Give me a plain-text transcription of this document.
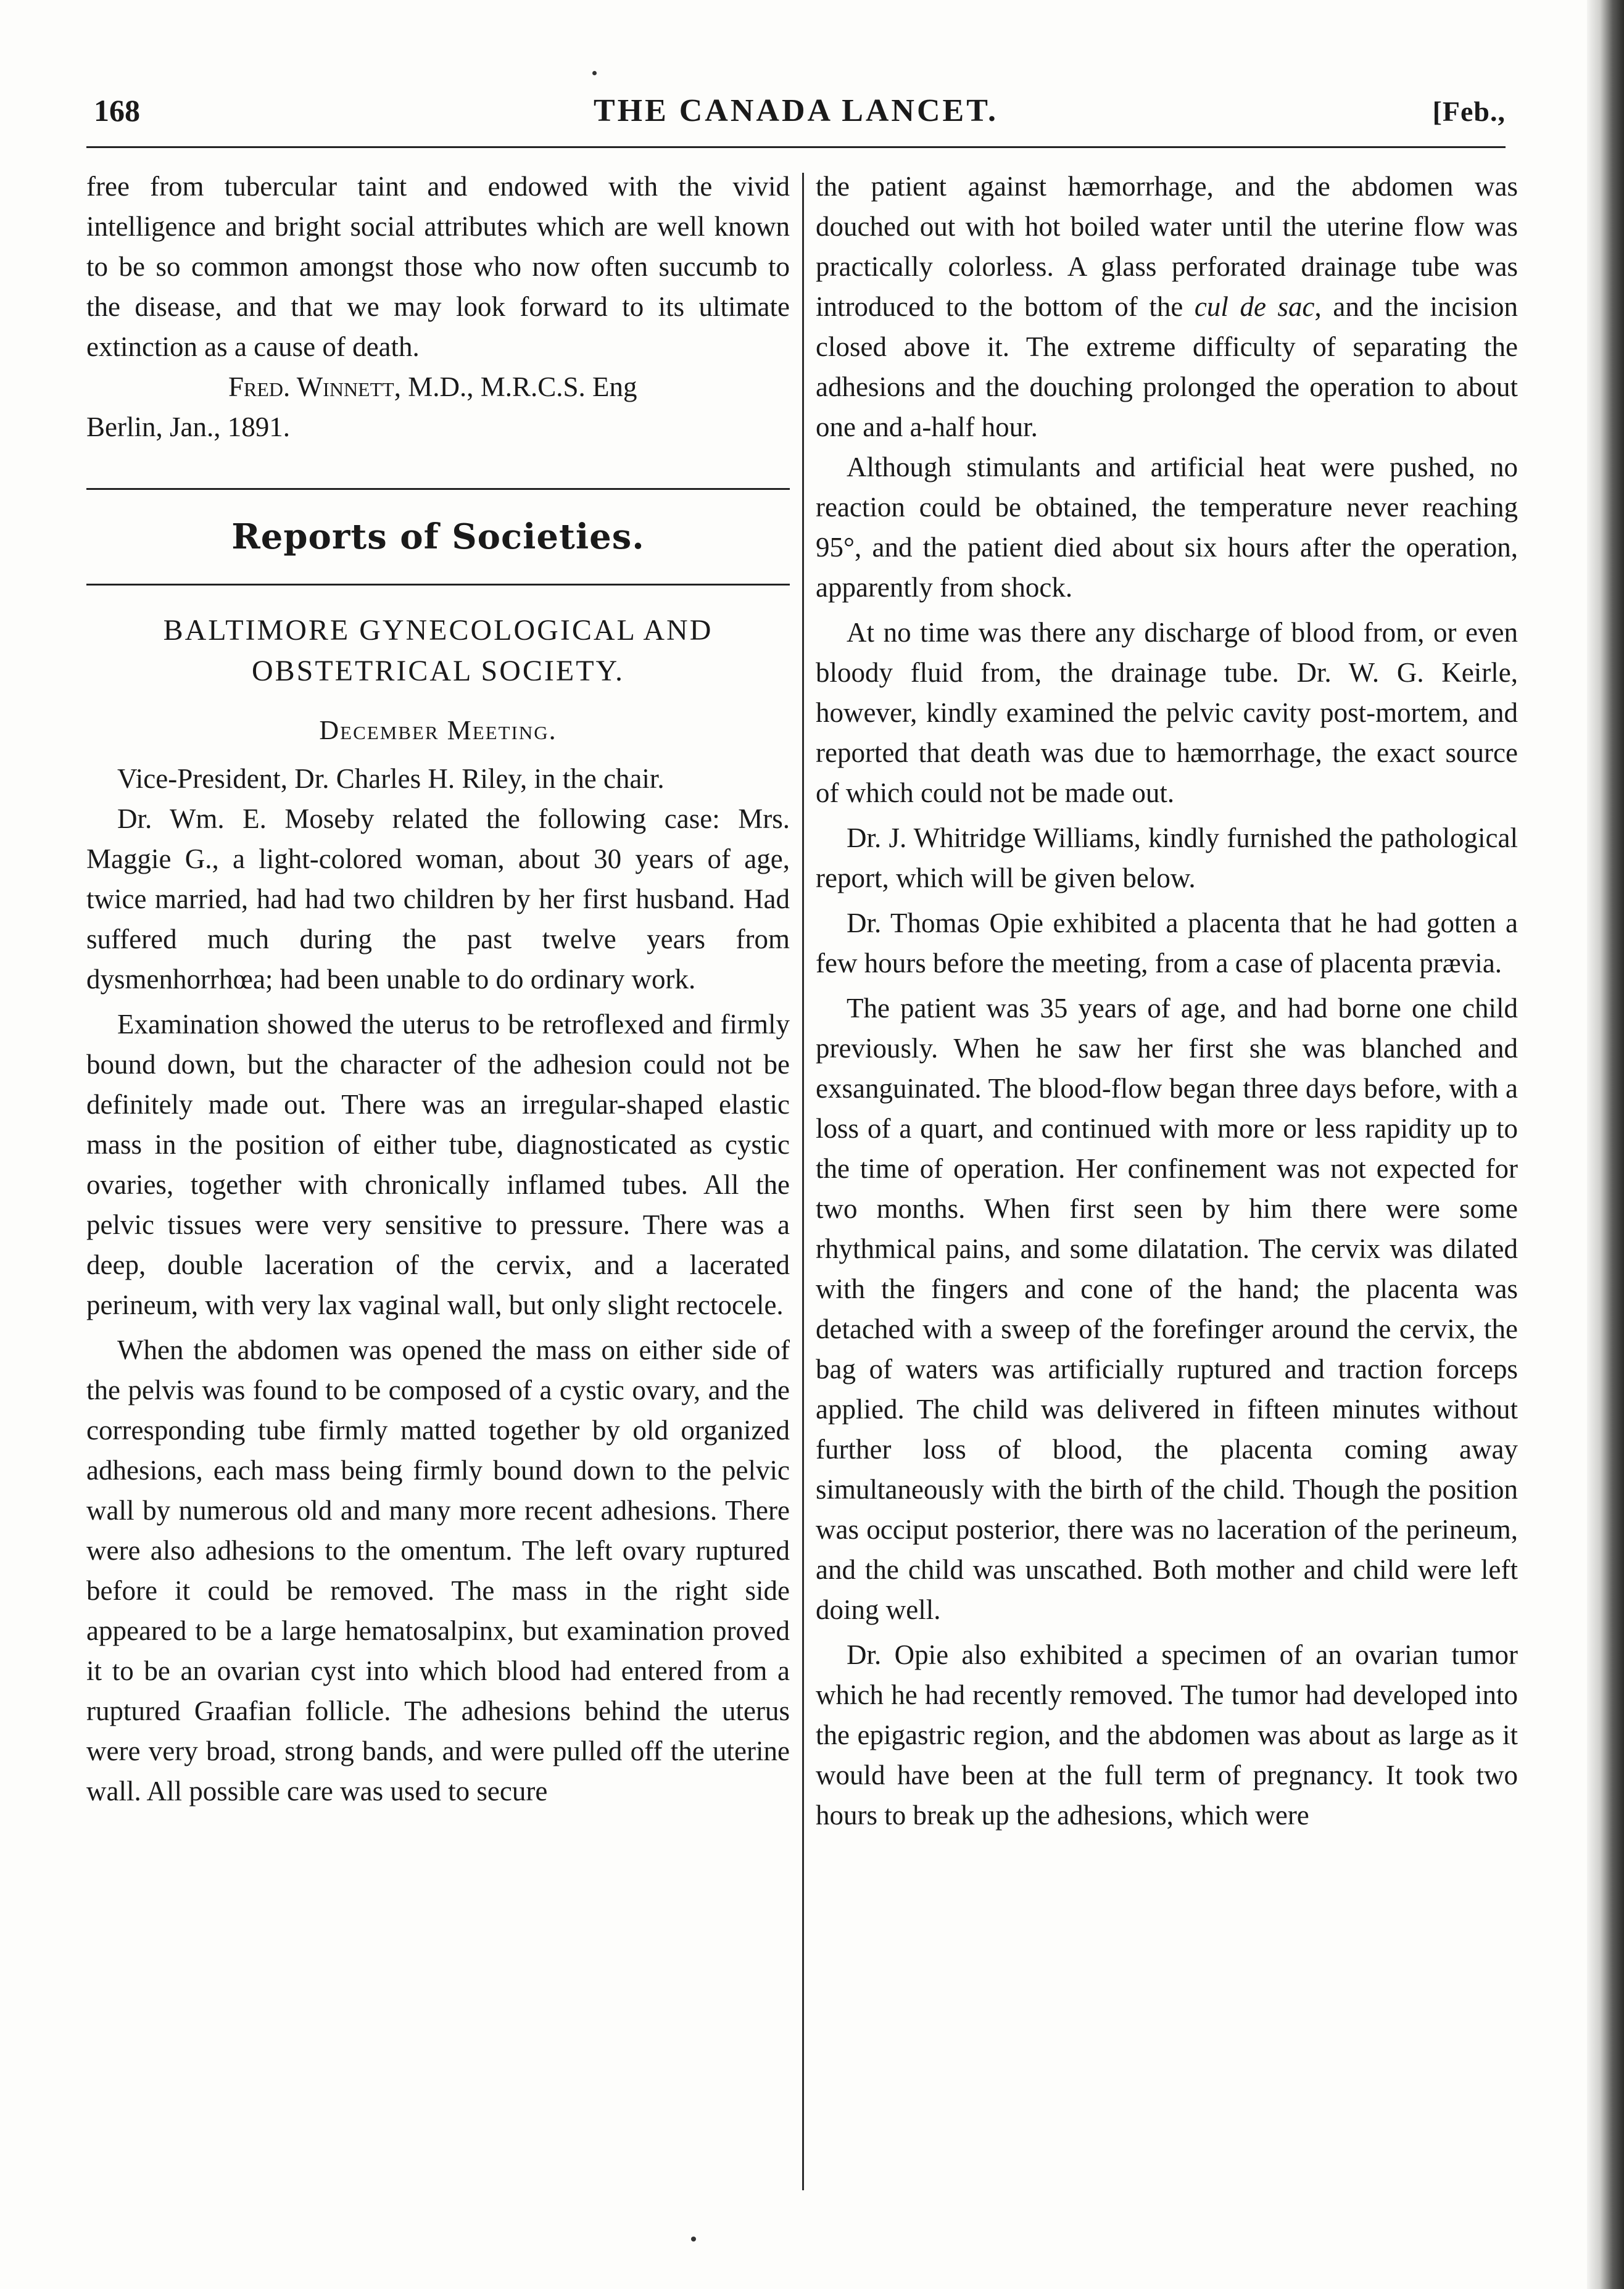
168	THE CANADA LANCET.	[Feb.,

free from tubercular taint and endowed with the vivid intelligence and bright social attributes which are well known to be so common amongst those who now often succumb to the disease, and that we may look forward to its ultimate extinction as a cause of death.

Fred. Winnett, M.D., M.R.C.S. Eng

Berlin, Jan., 1891.

Reports of Societies.
BALTIMORE GYNECOLOGICAL AND OBSTETRICAL SOCIETY.
December Meeting.

Vice-President, Dr. Charles H. Riley, in the chair.

Dr. Wm. E. Moseby related the following case: Mrs. Maggie G., a light-colored woman, about 30 years of age, twice married, had had two children by her first husband. Had suffered much during the past twelve years from dysmenhorrhœa; had been unable to do ordinary work.

Examination showed the uterus to be retroflexed and firmly bound down, but the character of the adhesion could not be definitely made out. There was an irregular-shaped elastic mass in the position of either tube, diagnosticated as cystic ovaries, together with chronically inflamed tubes. All the pelvic tissues were very sensitive to pressure. There was a deep, double laceration of the cervix, and a lacerated perineum, with very lax vaginal wall, but only slight rectocele.

When the abdomen was opened the mass on either side of the pelvis was found to be composed of a cystic ovary, and the corresponding tube firmly matted together by old organized adhesions, each mass being firmly bound down to the pelvic wall by numerous old and many more recent adhesions. There were also adhesions to the omentum. The left ovary ruptured before it could be removed. The mass in the right side appeared to be a large hematosalpinx, but examination proved it to be an ovarian cyst into which blood had entered from a ruptured Graafian follicle. The adhesions behind the uterus were very broad, strong bands, and were pulled off the uterine wall. All possible care was used to secure

the patient against hæmorrhage, and the abdomen was douched out with hot boiled water until the uterine flow was practically colorless. A glass perforated drainage tube was introduced to the bottom of the cul de sac, and the incision closed above it. The extreme difficulty of separating the adhesions and the douching prolonged the operation to about one and a-half hour.

Although stimulants and artificial heat were pushed, no reaction could be obtained, the temperature never reaching 95°, and the patient died about six hours after the operation, apparently from shock.

At no time was there any discharge of blood from, or even bloody fluid from, the drainage tube. Dr. W. G. Keirle, however, kindly examined the pelvic cavity post-mortem, and reported that death was due to hæmorrhage, the exact source of which could not be made out.

Dr. J. Whitridge Williams, kindly furnished the pathological report, which will be given below.

Dr. Thomas Opie exhibited a placenta that he had gotten a few hours before the meeting, from a case of placenta prævia.

The patient was 35 years of age, and had borne one child previously. When he saw her first she was blanched and exsanguinated. The blood-flow began three days before, with a loss of a quart, and continued with more or less rapidity up to the time of operation. Her confinement was not expected for two months. When first seen by him there were some rhythmical pains, and some dilatation. The cervix was dilated with the fingers and cone of the hand; the placenta was detached with a sweep of the forefinger around the cervix, the bag of waters was artificially ruptured and traction forceps applied. The child was delivered in fifteen minutes without further loss of blood, the placenta coming away simultaneously with the birth of the child. Though the position was occiput posterior, there was no laceration of the perineum, and the child was unscathed. Both mother and child were left doing well.

Dr. Opie also exhibited a specimen of an ovarian tumor which he had recently removed. The tumor had developed into the epigastric region, and the abdomen was about as large as it would have been at the full term of pregnancy. It took two hours to break up the adhesions, which were
